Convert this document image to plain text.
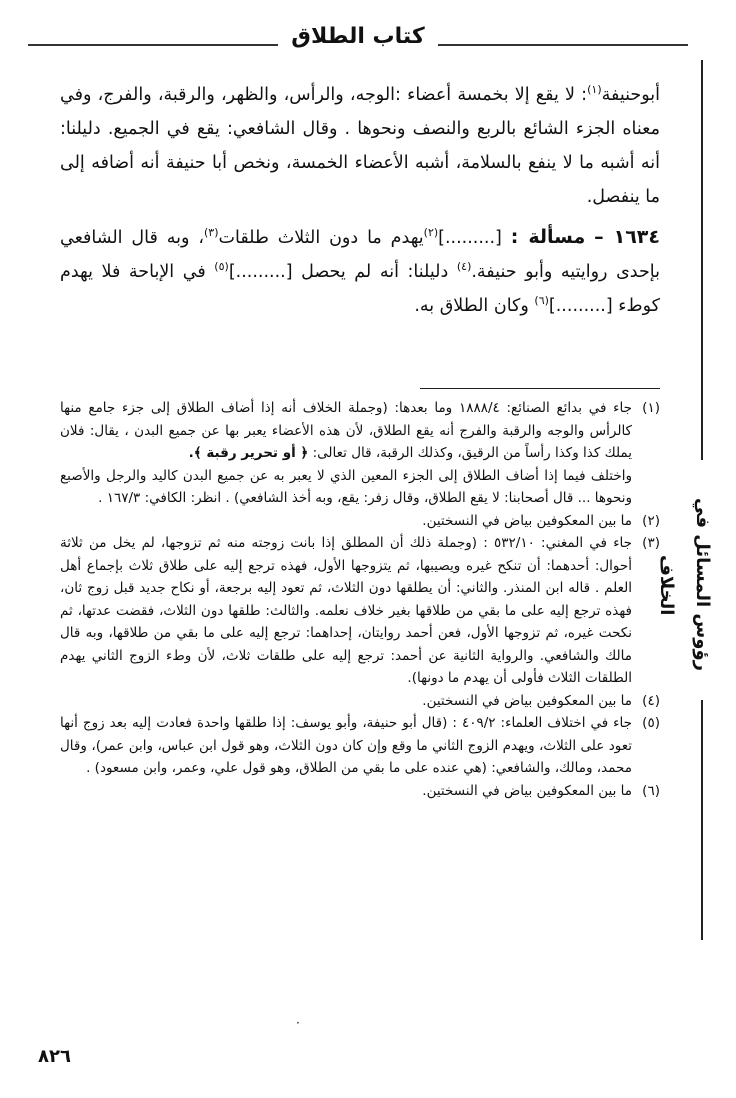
كتاب الطلاق
رؤوس المسائل في الخلاف

أبوحنيفة$^{(١)}$: لا يقع إلا بخمسة أعضاء :الوجه، والرأس، والظهر، والرقبة، والفرج، وفي معناه الجزء الشائع بالربع والنصف ونحوها . وقال الشافعي: يقع في الجميع. دليلنا: أنه أشبه ما لا ينفع بالسلامة، أشبه الأعضاء الخمسة، ونخص أبا حنيفة أنه أضافه إلى ما ينفصل.

١٦٣٤ – مسألة : [.........]$^{(٢)}$يهدم ما دون الثلاث طلقات$^{(٣)}$، وبه قال الشافعي بإحدى روايتيه وأبو حنيفة.$^{(٤)}$ دليلنا: أنه لم يحصل [.........]$^{(٥)}$ في الإباحة فلا يهدم كوطء [.........]$^{(٦)}$ وكان الطلاق به.

(١)
جاء في بدائع الصنائع: ١٨٨٨/٤ وما بعدها: (وجملة الخلاف أنه إذا أضاف الطلاق إلى جزء جامع منها كالرأس والوجه والرقبة والفرج أنه يقع الطلاق، لأن هذه الأعضاء يعبر بها عن جميع البدن ، يقال: فلان يملك كذا وكذا رأساً من الرقيق، وكذلك الرقبة، قال تعالى: ﴿ أو تحرير رقبة ﴾.

واختلف فيما إذا أضاف الطلاق إلى الجزء المعين الذي لا يعبر به عن جميع البدن كاليد والرجل والأصبع ونحوها ... قال أصحابنا: لا يقع الطلاق، وقال زفر: يقع، وبه أخذ الشافعي) . انظر: الكافي: ١٦٧/٣ .

(٢)
ما بين المعكوفين بياض في النسختين.

(٣)
جاء في المغني: ٥٣٢/١٠ : (وجملة ذلك أن المطلق إذا بانت زوجته منه ثم تزوجها، لم يخل من ثلاثة أحوال: أحدهما: أن تنكح غيره ويصيبها، ثم يتزوجها الأول، فهذه ترجع إليه على طلاق ثلاث بإجماع أهل العلم . قاله ابن المنذر. والثاني: أن يطلقها دون الثلاث، ثم تعود إليه برجعة، أو نكاح جديد قبل زوج ثان، فهذه ترجع إليه على ما بقي من طلاقها بغير خلاف نعلمه. والثالث: طلقها دون الثلاث، فقضت عدتها، ثم نكحت غيره، ثم تزوجها الأول، فعن أحمد روايتان، إحداهما: ترجع إليه على ما بقي من طلاقها، وبه قال مالك والشافعي. والرواية الثانية عن أحمد: ترجع إليه على طلقات ثلاث، لأن وطء الزوج الثاني يهدم الطلقات الثلاث فأولى أن يهدم ما دونها).

(٤)
ما بين المعكوفين بياض في النسختين.

(٥)
جاء في اختلاف العلماء: ٤٠٩/٢ : (قال أبو حنيفة، وأبو يوسف: إذا طلقها واحدة فعادت إليه بعد زوج أنها تعود على الثلاث، ويهدم الزوج الثاني ما وقع وإن كان دون الثلاث، وهو قول ابن عباس، وابن عمر)، وقال محمد، ومالك، والشافعي: (هي عنده على ما بقي من الطلاق، وهو قول علي، وعمر، وابن مسعود) .

(٦)
ما بين المعكوفين بياض في النسختين.

·
٨٢٦
